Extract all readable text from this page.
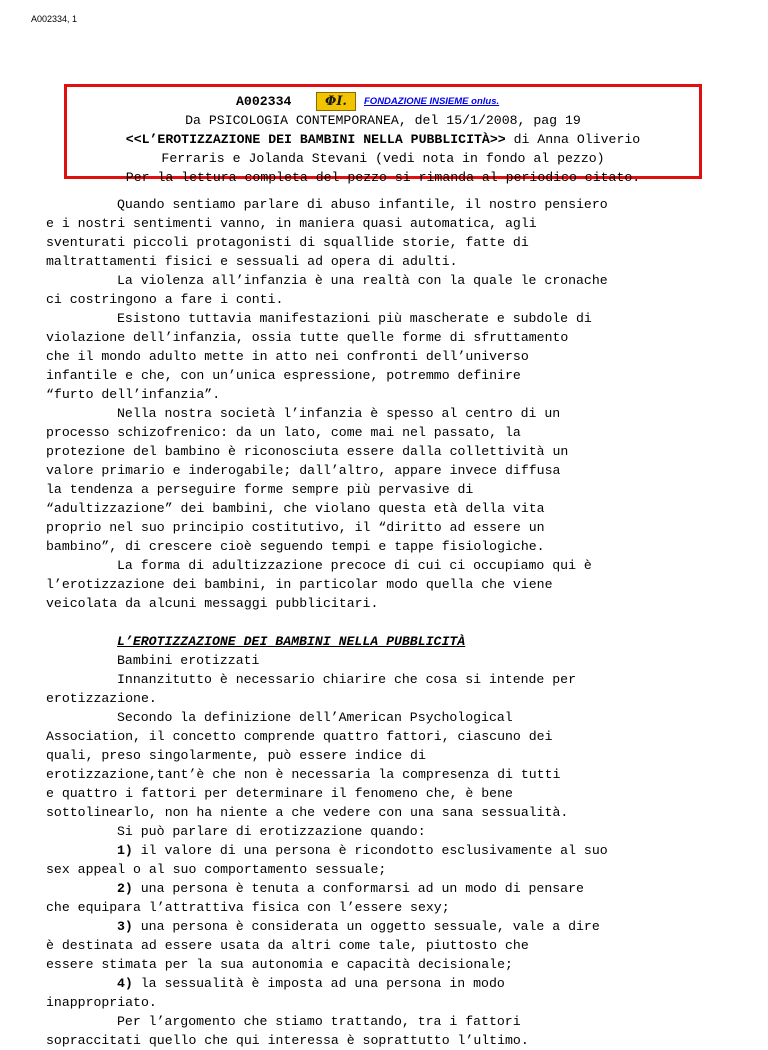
A002334, 1

A002334

	ΦI.

	FONDAZIONE INSIEME onlus.

Da PSICOLOGIA CONTEMPORANEA, del 15/1/2008, pag 19
<<L’EROTIZZAZIONE DEI BAMBINI NELLA PUBBLICITÀ>> di Anna Oliverio
Ferraris e Jolanda Stevani (vedi nota in fondo al pezzo)
Per la lettura completa del pezzo si rimanda al periodico citato.
Quando sentiamo parlare di abuso infantile, il nostro pensiero
e i nostri sentimenti vanno, in maniera quasi automatica, agli
sventurati piccoli protagonisti di squallide storie, fatte di
maltrattamenti fisici e sessuali ad opera di adulti.
La violenza all’infanzia è una realtà con la quale le cronache
ci costringono a fare i conti.
Esistono tuttavia manifestazioni più mascherate e subdole di
violazione dell’infanzia, ossia tutte quelle forme di sfruttamento
che il mondo adulto mette in atto nei confronti dell’universo
infantile e che, con un’unica espressione, potremmo definire
“furto dell’infanzia”.
Nella nostra società l’infanzia è spesso al centro di un
processo schizofrenico: da un lato, come mai nel passato, la
protezione del bambino è riconosciuta essere dalla collettività un
valore primario e inderogabile; dall’altro, appare invece diffusa
la tendenza a perseguire forme sempre più pervasive di
“adultizzazione” dei bambini, che violano questa età della vita
proprio nel suo principio costitutivo, il “diritto ad essere un
bambino”, di crescere cioè seguendo tempi e tappe fisiologiche.
La forma di adultizzazione precoce di cui ci occupiamo qui è
l’erotizzazione dei bambini, in particolar modo quella che viene
veicolata da alcuni messaggi pubblicitari.
L’EROTIZZAZIONE DEI BAMBINI NELLA PUBBLICITÀ
Bambini erotizzati
Innanzitutto è necessario chiarire che cosa si intende per
erotizzazione.
Secondo la definizione dell’American Psychological
Association, il concetto comprende quattro fattori, ciascuno dei
quali, preso singolarmente, può essere indice di
erotizzazione,tant’è che non è necessaria la compresenza di tutti
e quattro i fattori per determinare il fenomeno che, è bene
sottolinearlo, non ha niente a che vedere con una sana sessualità.
Si può parlare di erotizzazione quando:
1) il valore di una persona è ricondotto esclusivamente al suo
sex appeal o al suo comportamento sessuale;
2) una persona è tenuta a conformarsi ad un modo di pensare
che equipara l’attrattiva fisica con l’essere sexy;
3) una persona è considerata un oggetto sessuale, vale a dire
è destinata ad essere usata da altri come tale, piuttosto che
essere stimata per la sua autonomia e capacità decisionale;
4) la sessualità è imposta ad una persona in modo
inappropriato.
Per l’argomento che stiamo trattando, tra i fattori
sopraccitati quello che qui interessa è soprattutto l’ultimo.
